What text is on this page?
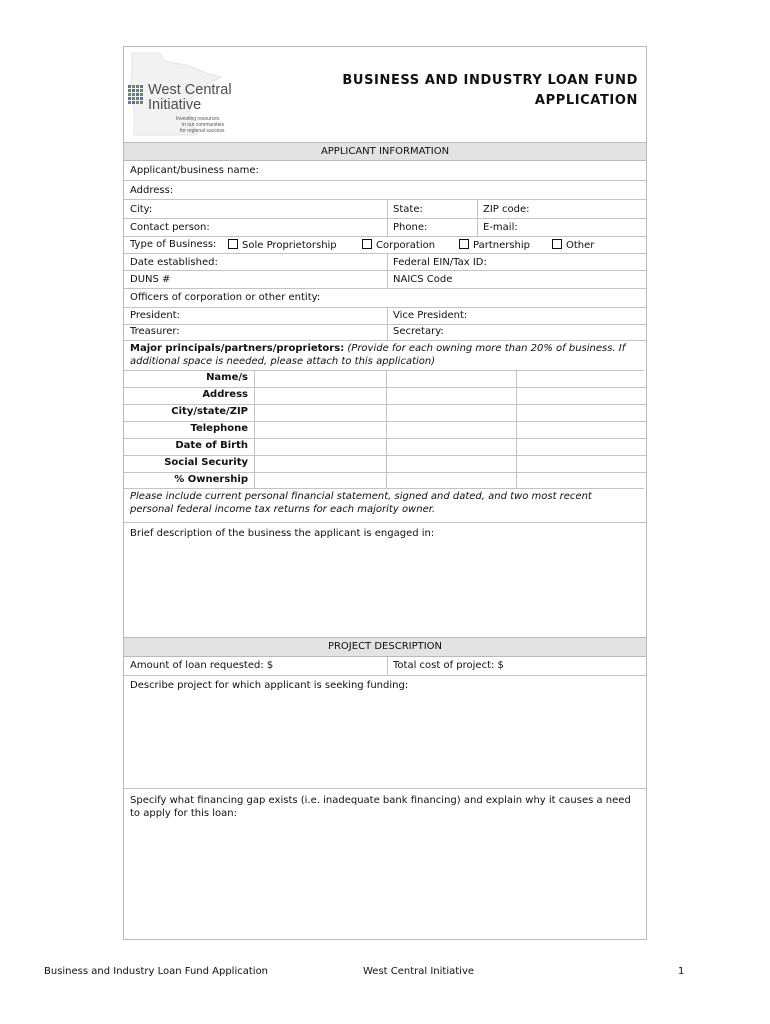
West Central
Initiative
Investing resources
in our communities
for regional success
BUSINESS AND INDUSTRY LOAN FUND
APPLICATION
APPLICANT INFORMATION
Applicant/business name:
Address:
City:	State:	ZIP code:
Contact person:	Phone:	E-mail:
Type of Business:	Sole Proprietorship	Corporation	Partnership	Other
Date established:	Federal EIN/Tax ID:
DUNS #	NAICS Code
Officers of corporation or other entity:
President:	Vice President:
Treasurer:	Secretary:
Major principals/partners/proprietors: (Provide for each owning more than 20% of business. If
additional space is needed, please attach to this application)
Name/s
Address
City/state/ZIP
Telephone
Date of Birth
Social Security
% Ownership
Please include current personal financial statement, signed and dated, and two most recent
personal federal income tax returns for each majority owner.
Brief description of the business the applicant is engaged in:
PROJECT DESCRIPTION
Amount of loan requested: $	Total cost of project: $
Describe project for which applicant is seeking funding:
Specify what financing gap exists (i.e. inadequate bank financing) and explain why it causes a need
to apply for this loan:
Business and Industry Loan Fund Application	West Central Initiative	1
